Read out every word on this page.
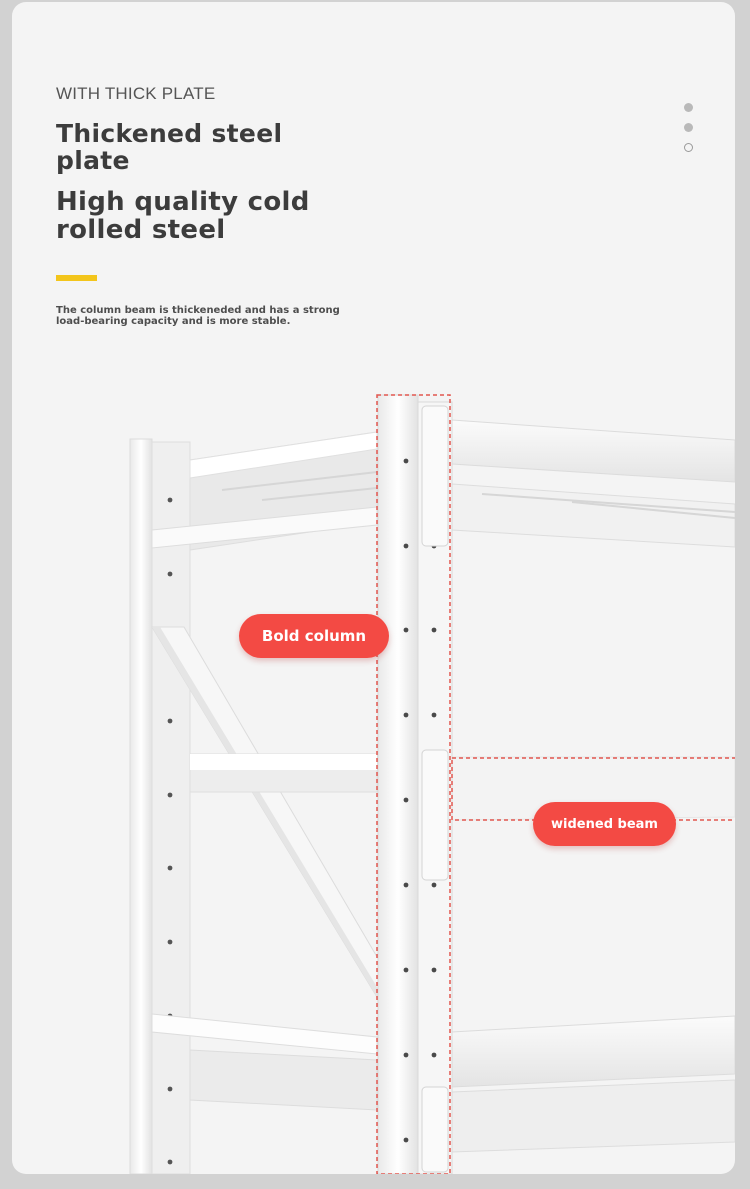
WITH THICK PLATE
Thickened steel plate
High quality cold rolled steel
The column beam is thickeneded and has a strong load-bearing capacity and is more stable.
Bold column
widened beam
